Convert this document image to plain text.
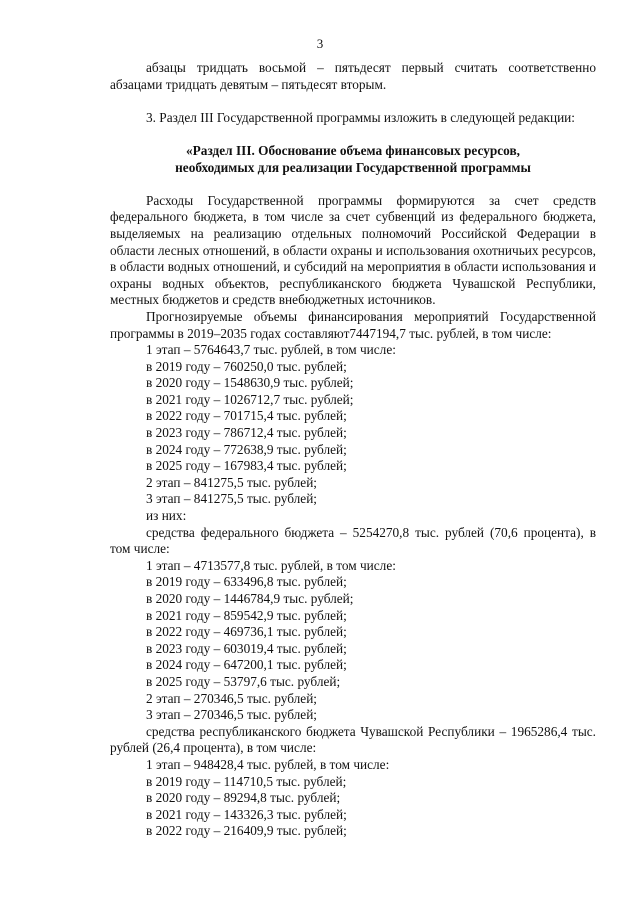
3

абзацы тридцать восьмой – пятьдесят первый считать соответственно абзацами тридцать девятым – пятьдесят вторым.

3. Раздел III Государственной программы изложить в следующей редакции:

«Раздел III. Обоснование объема финансовых ресурсов,

необходимых для реализации Государственной программы

Расходы Государственной программы формируются за счет средств федерального бюджета, в том числе за счет субвенций из федерального бюджета, выделяемых на реализацию отдельных полномочий Российской Федерации в области лесных отношений, в области охраны и использования охотничьих ресурсов, в области водных отношений, и субсидий на мероприятия в области использования и охраны водных объектов, республиканского бюджета Чувашской Республики, местных бюджетов и средств внебюджетных источников.

Прогнозируемые объемы финансирования мероприятий Государственной программы в 2019–2035 годах составляют7447194,7 тыс. рублей, в том числе:

1 этап – 5764643,7 тыс. рублей, в том числе:

в 2019 году – 760250,0 тыс. рублей;

в 2020 году – 1548630,9 тыс. рублей;

в 2021 году – 1026712,7 тыс. рублей;

в 2022 году – 701715,4 тыс. рублей;

в 2023 году – 786712,4 тыс. рублей;

в 2024 году – 772638,9 тыс. рублей;

в 2025 году – 167983,4 тыс. рублей;

2 этап – 841275,5 тыс. рублей;

3 этап – 841275,5 тыс. рублей;

из них:

средства федерального бюджета – 5254270,8 тыс. рублей (70,6 процента), в том числе:

1 этап – 4713577,8 тыс. рублей, в том числе:

в 2019 году – 633496,8 тыс. рублей;

в 2020 году – 1446784,9 тыс. рублей;

в 2021 году – 859542,9 тыс. рублей;

в 2022 году – 469736,1 тыс. рублей;

в 2023 году – 603019,4 тыс. рублей;

в 2024 году – 647200,1 тыс. рублей;

в 2025 году – 53797,6 тыс. рублей;

2 этап – 270346,5 тыс. рублей;

3 этап – 270346,5 тыс. рублей;

средства республиканского бюджета Чувашской Республики – 1965286,4 тыс. рублей (26,4 процента), в том числе:

1 этап – 948428,4 тыс. рублей, в том числе:

в 2019 году – 114710,5 тыс. рублей;

в 2020 году – 89294,8 тыс. рублей;

в 2021 году – 143326,3 тыс. рублей;

в 2022 году – 216409,9 тыс. рублей;
